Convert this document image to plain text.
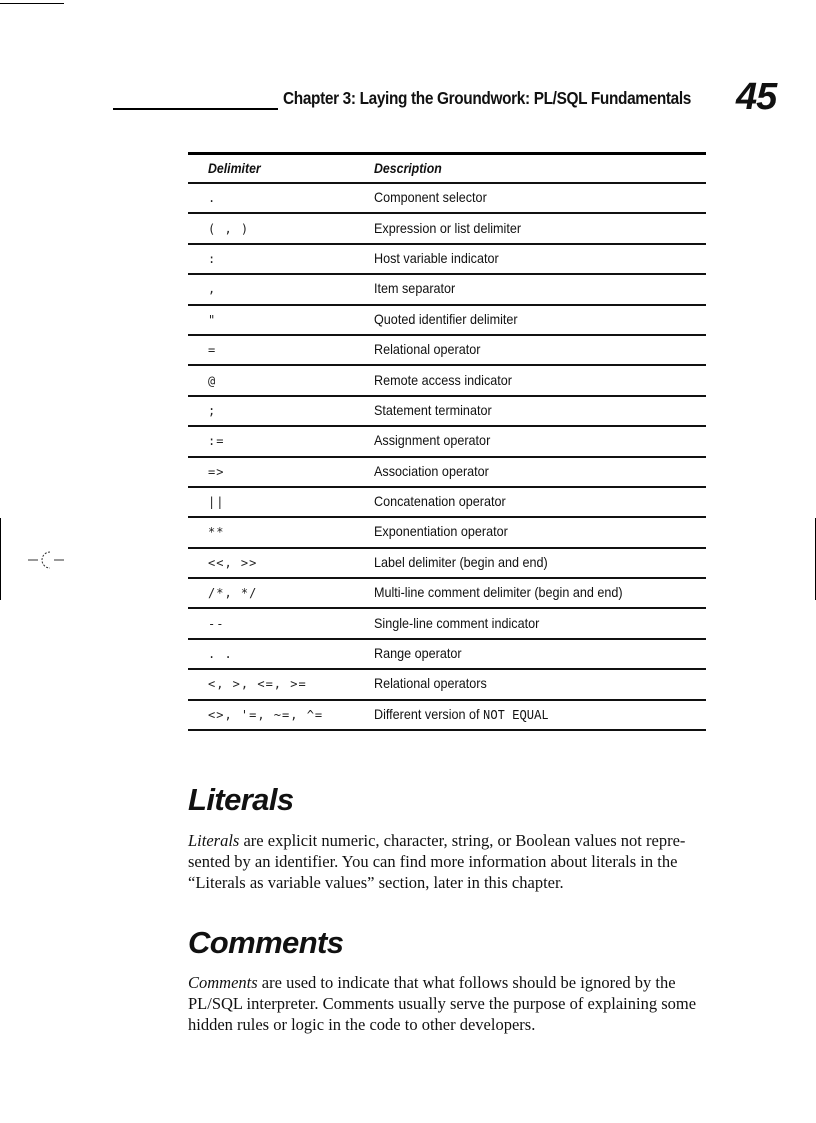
Chapter 3: Laying the Groundwork: PL/SQL Fundamentals 45
Delimiter	Description
.	Component selector
( , )	Expression or list delimiter
:	Host variable indicator
,	Item separator
"	Quoted identifier delimiter
=	Relational operator
@	Remote access indicator
;	Statement terminator
:=	Assignment operator
=>	Association operator
||	Concatenation operator
**	Exponentiation operator
<<, >>	Label delimiter (begin and end)
/*, */	Multi-line comment delimiter (begin and end)
--	Single-line comment indicator
. .	Range operator
<, >, <=, >=	Relational operators
<>, '=, ~=, ^=	Different version of NOT EQUAL
Literals
Literals are explicit numeric, character, string, or Boolean values not repre-sented by an identifier. You can find more information about literals in the “Literals as variable values” section, later in this chapter.
Comments
Comments are used to indicate that what follows should be ignored by the PL/SQL interpreter. Comments usually serve the purpose of explaining some hidden rules or logic in the code to other developers.
